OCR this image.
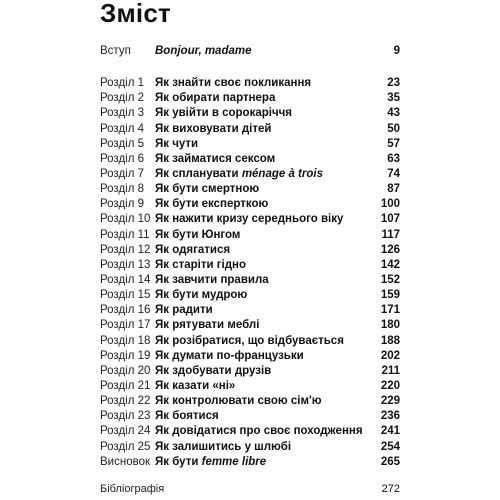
Зміст
Вступ Bonjour, madame	9
Розділ 1 Як знайти своє покликання	23
Розділ 2 Як обирати партнера	35
Розділ 3 Як увійти в сорокаріччя	43
Розділ 4 Як виховувати дітей	50
Розділ 5 Як чути	57
Розділ 6 Як займатися сексом	63
Розділ 7 Як спланувати ménage à trois	74
Розділ 8 Як бути смертною	87
Розділ 9 Як бути експерткою	100
Розділ 10 Як нажити кризу середнього віку	107
Розділ 11 Як бути Юнгом	117
Розділ 12 Як одягатися	126
Розділ 13 Як старіти гідно	142
Розділ 14 Як завчити правила	152
Розділ 15 Як бути мудрою	159
Розділ 16 Як радити	171
Розділ 17 Як рятувати меблі	180
Розділ 18 Як розібратися, що відбувається	188
Розділ 19 Як думати по-французьки	202
Розділ 20 Як здобувати друзів	211
Розділ 21 Як казати «ні»	220
Розділ 22 Як контролювати свою сім'ю	229
Розділ 23 Як боятися	236
Розділ 24 Як довідатися про своє походження 241
Розділ 25 Як залишитись у шлюбі	254
Висновок Як бути femme libre	265
Бібліографія	272
